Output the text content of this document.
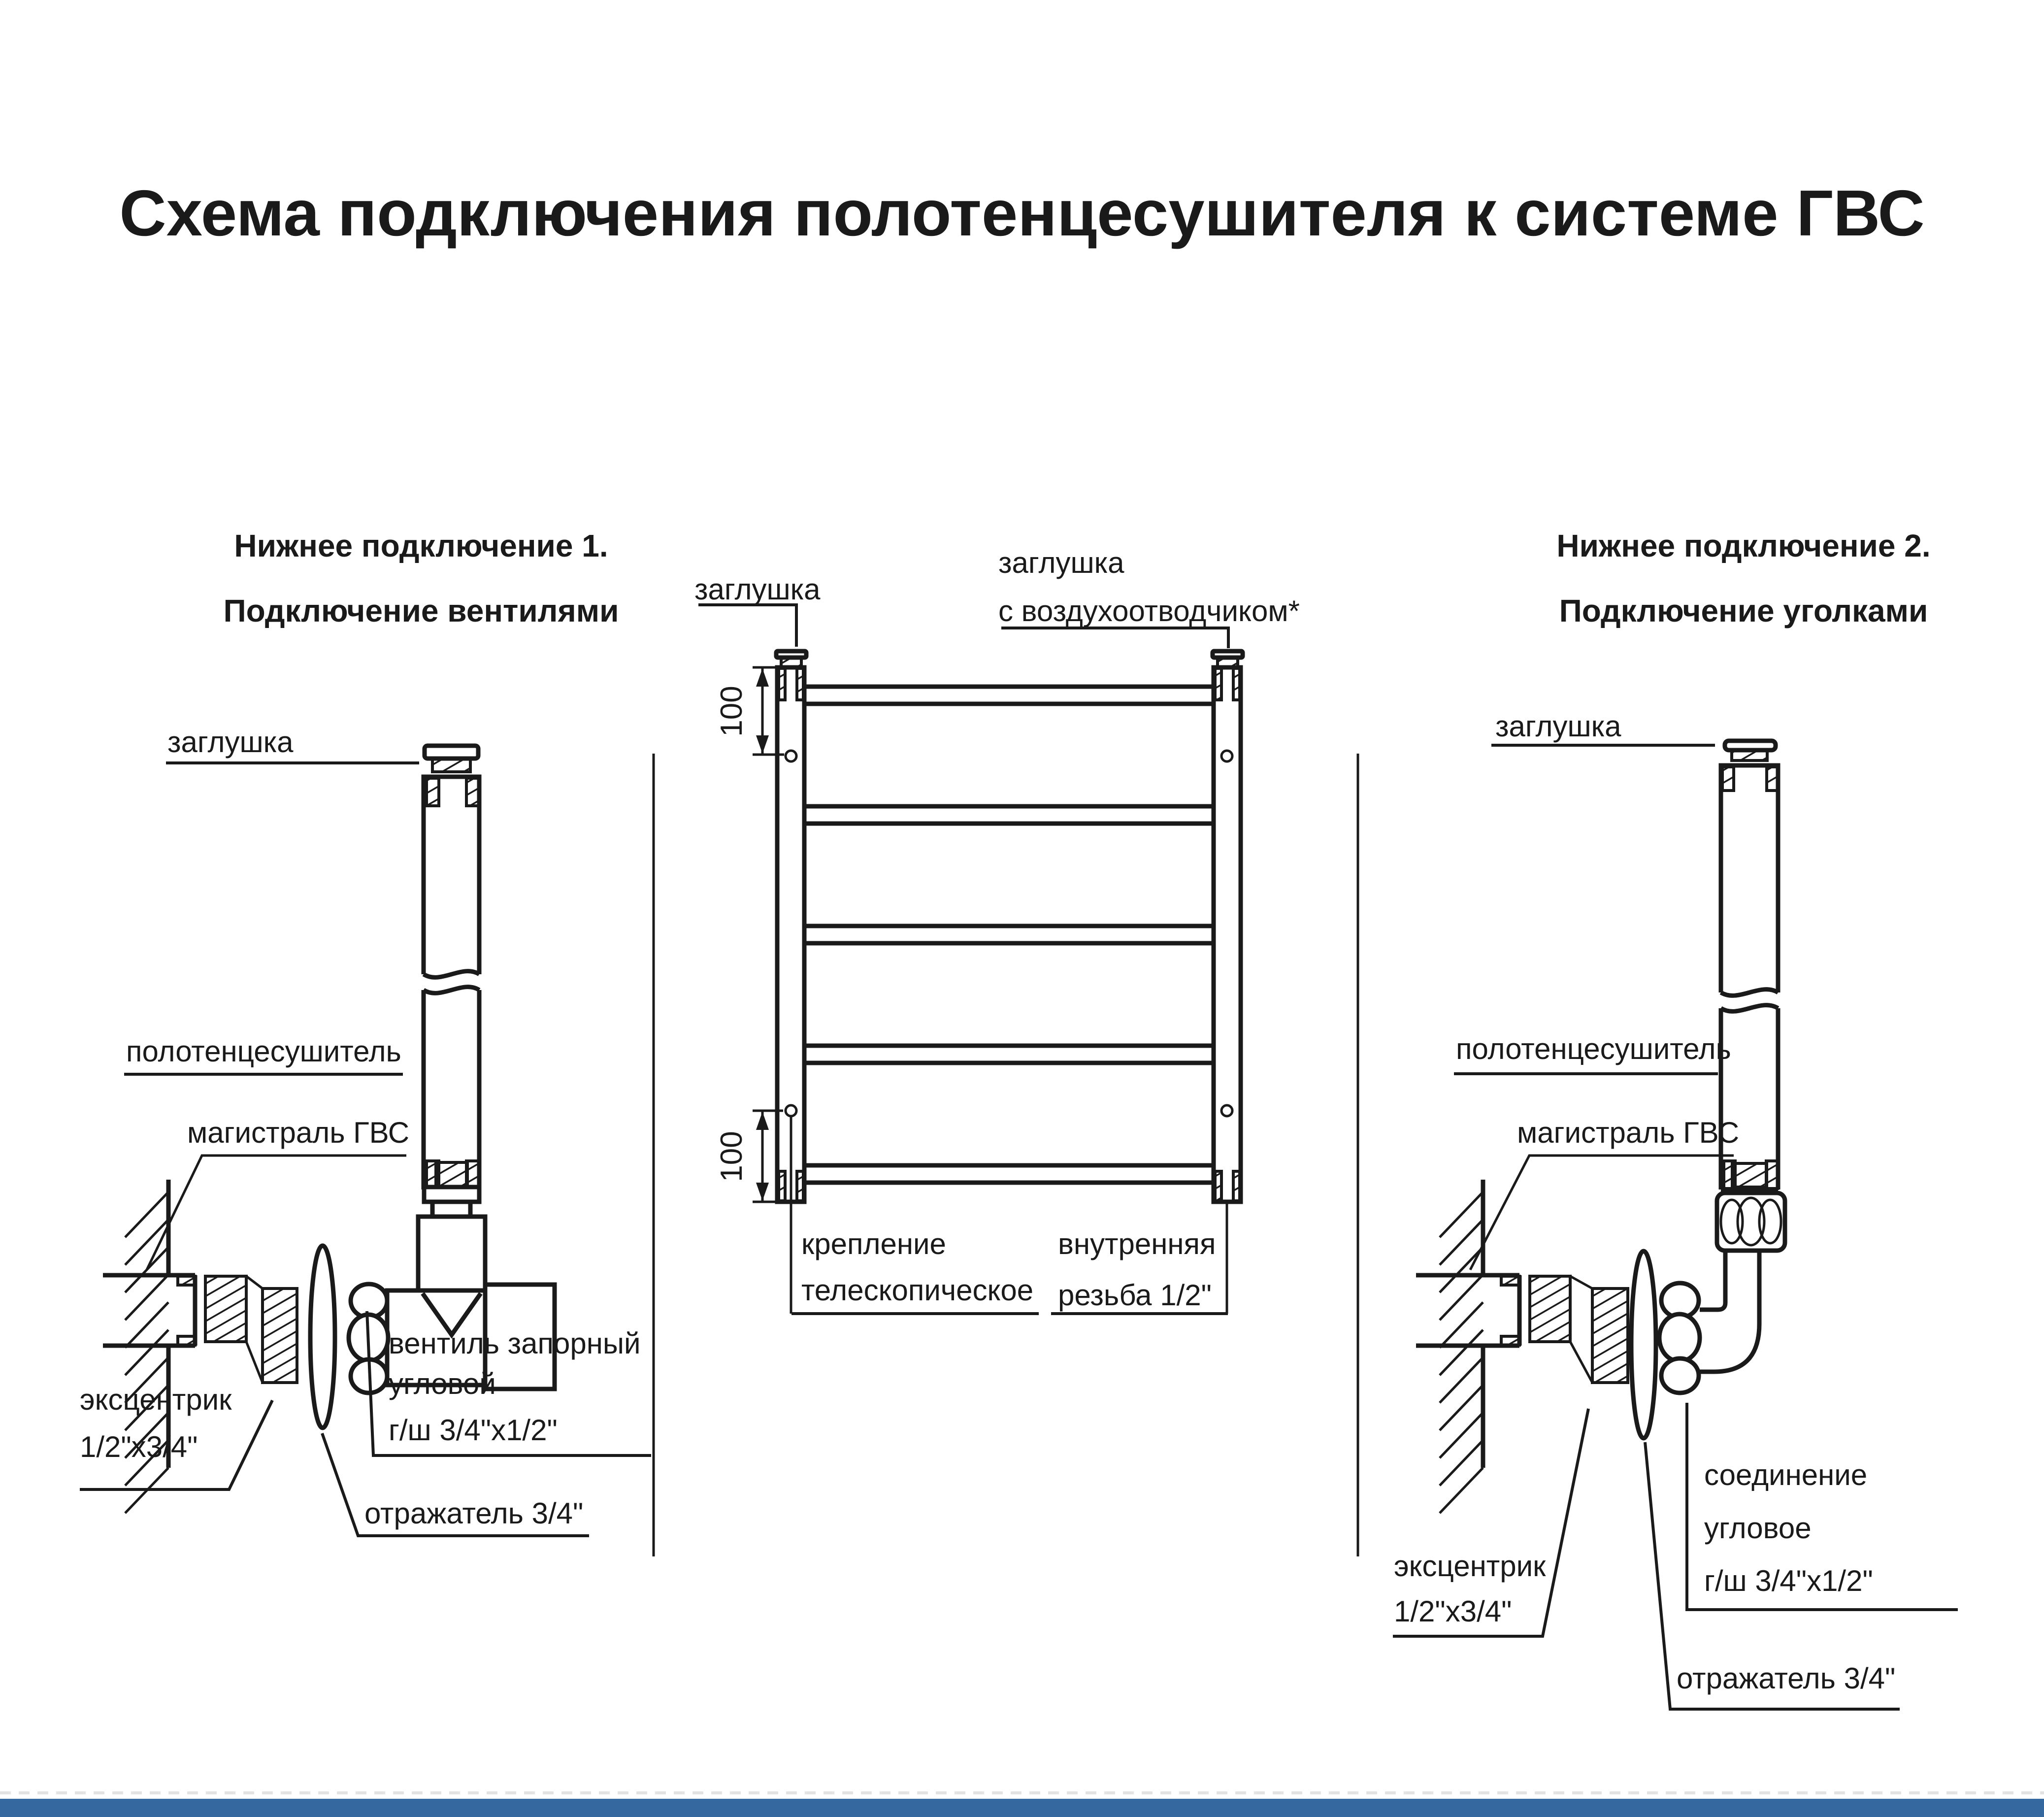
Схема подключения полотенцесушителя к системе ГВС
Нижнее подключение 1.
Подключение вентилями
Нижнее подключение 2.
Подключение уголками
заглушка
полотенцесушитель
магистраль ГВС
эксцентрик
1/2"х3/4"
вентиль запорный
угловой
г/ш 3/4"х1/2"
отражатель 3/4"
заглушка
заглушка
с воздухоотводчиком*
100
100
крепление
телескопическое
внутренняя
резьба 1/2"
заглушка
полотенцесушитель
магистраль ГВС
эксцентрик
1/2"х3/4"
соединение
угловое
г/ш 3/4"х1/2"
отражатель 3/4"
